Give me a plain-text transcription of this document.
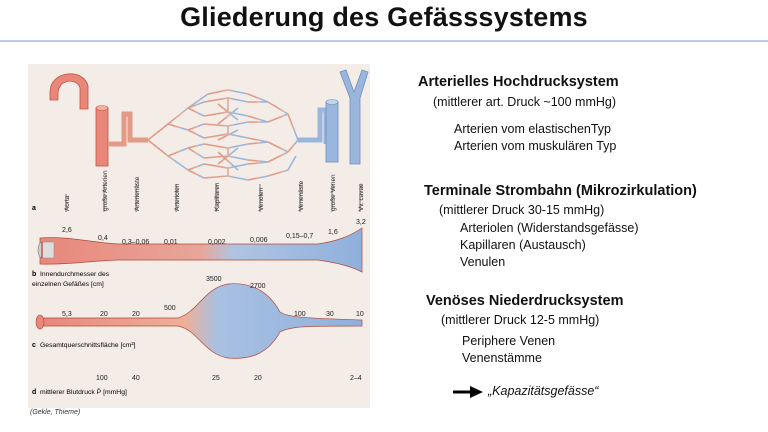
Gliederung des Gefässsystems
Aorta	große Arterien	Arterienäste	Arteriolen	Kapillaren	Venolen	Venenäste	große Venen	Vv. cavae
a
2,6
0,4
0,3–0,06 0,01	0,002	0,006
0,15–0,7
1,6
3,2
b Innendurchmesser des
einzelnen Gefäßes [cm]
5,3	20	20
500
3500
2700
100	30	10
c Gesamtquerschnittsfläche [cm²]
100	40	25	20	2–4
d mittlerer Blutdruck P̄ [mmHg]
(Gekle, Thieme)
Arterielles Hochdrucksystem
(mittlerer art. Druck ~100 mmHg)
Arterien vom elastischenTyp
Arterien vom muskulären Typ
Terminale Strombahn (Mikrozirkulation)
(mittlerer Druck 30-15 mmHg)
Arteriolen (Widerstandsgefässe)
Kapillaren (Austausch)
Venulen
Venöses Niederdrucksystem
(mittlerer Druck 12-5 mmHg)
Periphere Venen
Venenstämme
„Kapazitätsgefässe“
